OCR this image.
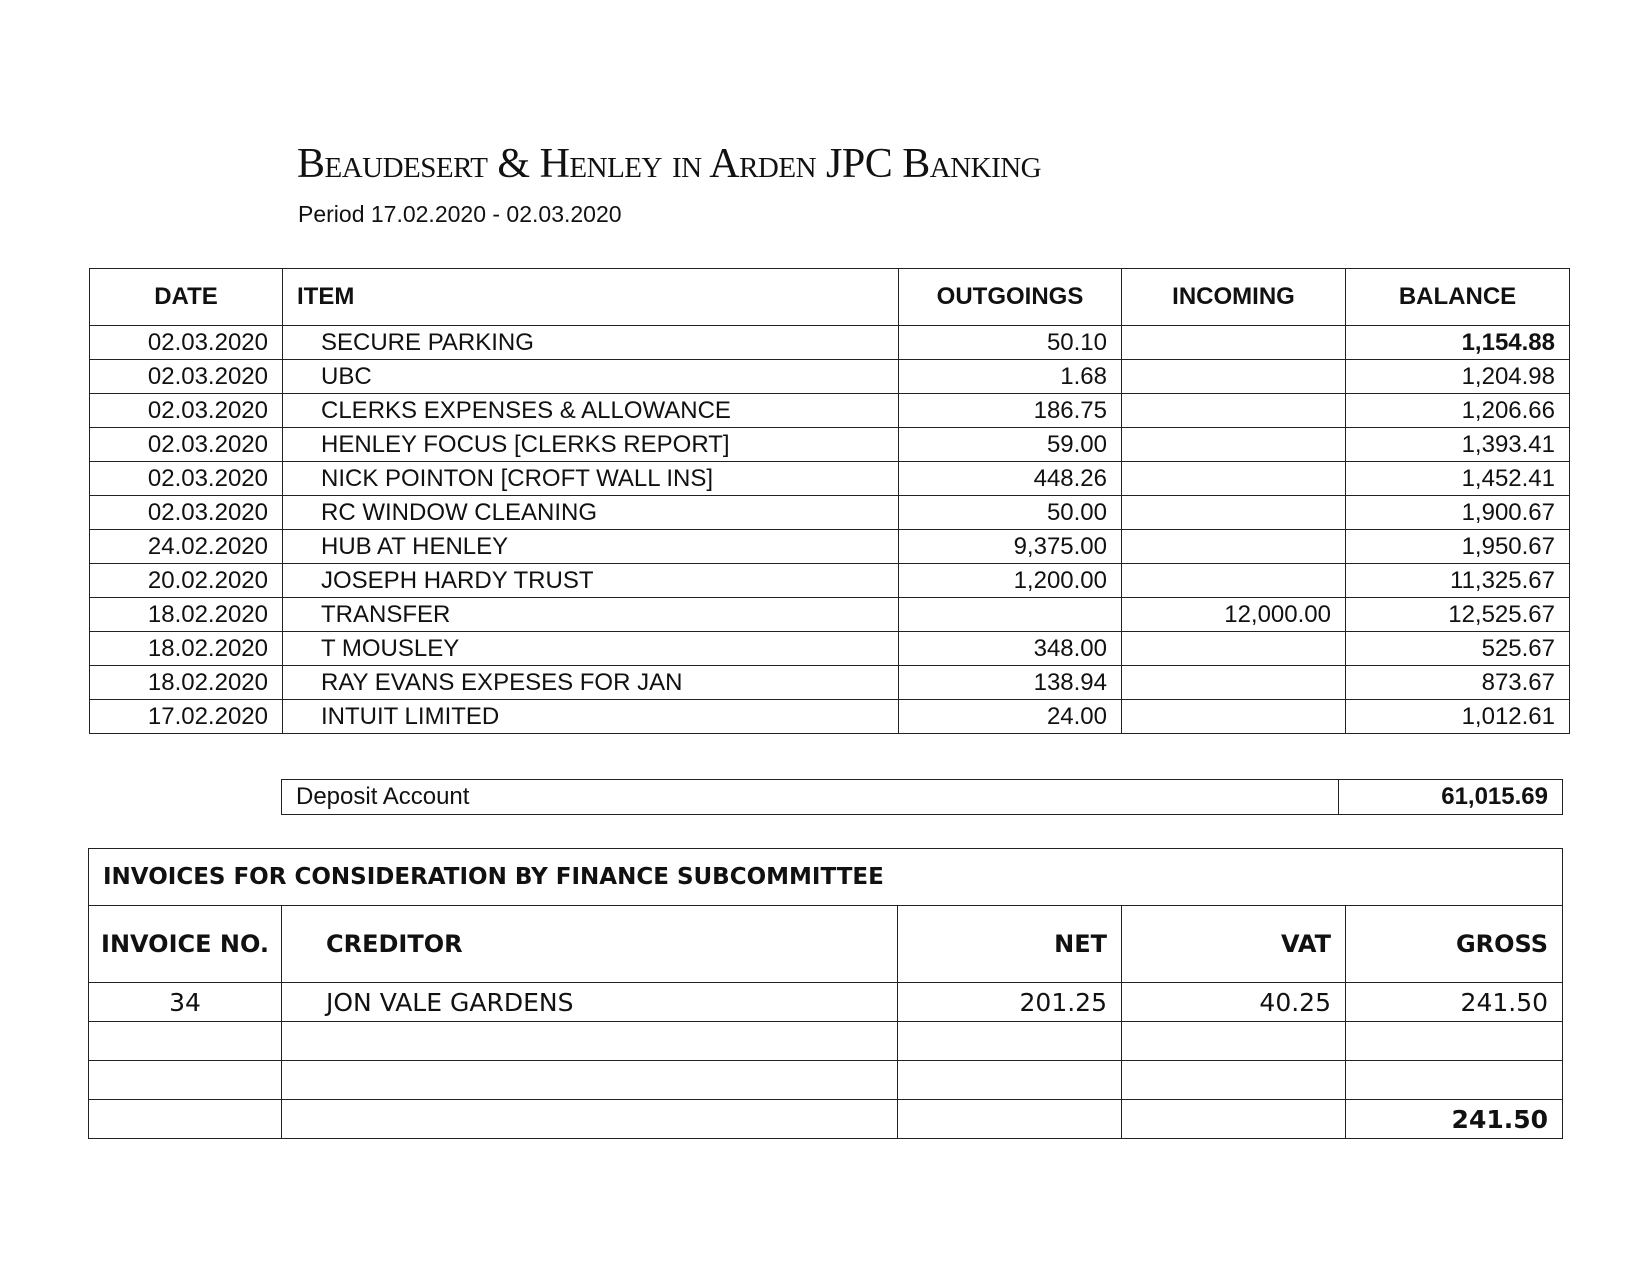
Beaudesert & Henley in Arden JPC Banking
Period 17.02.2020 - 02.03.2020
DATE	ITEM	OUTGOINGS	INCOMING	BALANCE
02.03.2020	SECURE PARKING	50.10		1,154.88
02.03.2020	UBC	1.68		1,204.98
02.03.2020	CLERKS EXPENSES & ALLOWANCE	186.75		1,206.66
02.03.2020	HENLEY FOCUS [CLERKS REPORT]	59.00		1,393.41
02.03.2020	NICK POINTON [CROFT WALL INS]	448.26		1,452.41
02.03.2020	RC WINDOW CLEANING	50.00		1,900.67
24.02.2020	HUB AT HENLEY	9,375.00		1,950.67
20.02.2020	JOSEPH HARDY TRUST	1,200.00		11,325.67
18.02.2020	TRANSFER		12,000.00	12,525.67
18.02.2020	T MOUSLEY	348.00		525.67
18.02.2020	RAY EVANS EXPESES FOR JAN	138.94		873.67
17.02.2020	INTUIT LIMITED	24.00		1,012.61
Deposit Account	61,015.69
INVOICES FOR CONSIDERATION BY FINANCE SUBCOMMITTEE				
INVOICE NO.	CREDITOR	NET	VAT	GROSS
34	JON VALE GARDENS	201.25	40.25	241.50

				241.50
